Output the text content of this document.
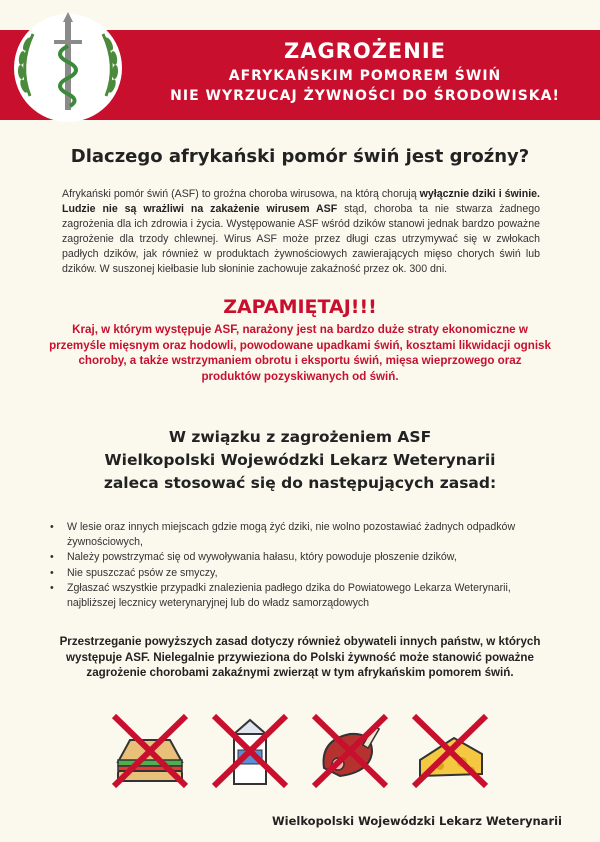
ZAGROŻENIE
AFRYKAŃSKIM POMOREM ŚWIŃ
NIE WYRZUCAJ ŻYWNOŚCI DO ŚRODOWISKA!
Dlaczego afrykański pomór świń jest groźny?
Afrykański pomór świń (ASF) to groźna choroba wirusowa, na którą chorują wyłącznie dziki i świnie. Ludzie nie są wrażliwi na zakażenie wirusem ASF stąd, choroba ta nie stwarza żadnego zagrożenia dla ich zdrowia i życia. Występowanie ASF wśród dzików stanowi jednak bardzo poważne zagrożenie dla trzody chlewnej. Wirus ASF może przez długi czas utrzymywać się w zwłokach padłych dzików, jak również w produktach żywnościowych zawierających mięso chorych świń lub dzików. W suszonej kiełbasie lub słoninie zachowuje zakaźność przez ok. 300 dni.
ZAPAMIĘTAJ!!!
Kraj, w którym występuje ASF, narażony jest na bardzo duże straty ekonomiczne w przemyśle mięsnym oraz hodowli, powodowane upadkami świń, kosztami likwidacji ognisk choroby, a także wstrzymaniem obrotu i eksportu świń, mięsa wieprzowego oraz produktów pozyskiwanych od świń.
W związku z zagrożeniem ASF
Wielkopolski Wojewódzki Lekarz Weterynarii
zaleca stosować się do następujących zasad:
• W lesie oraz innych miejscach gdzie mogą żyć dziki, nie wolno pozostawiać żadnych odpadków żywnościowych,
• Należy powstrzymać się od wywoływania hałasu, który powoduje płoszenie dzików,
• Nie spuszczać psów ze smyczy,
• Zgłaszać wszystkie przypadki znalezienia padłego dzika do Powiatowego Lekarza Weterynarii, najbliższej lecznicy weterynaryjnej lub do władz samorządowych
Przestrzeganie powyższych zasad dotyczy również obywateli innych państw, w których występuje ASF. Nielegalnie przywieziona do Polski żywność może stanowić poważne zagrożenie chorobami zakaźnymi zwierząt w tym afrykańskim pomorem świń.
Wielkopolski Wojewódzki Lekarz Weterynarii
